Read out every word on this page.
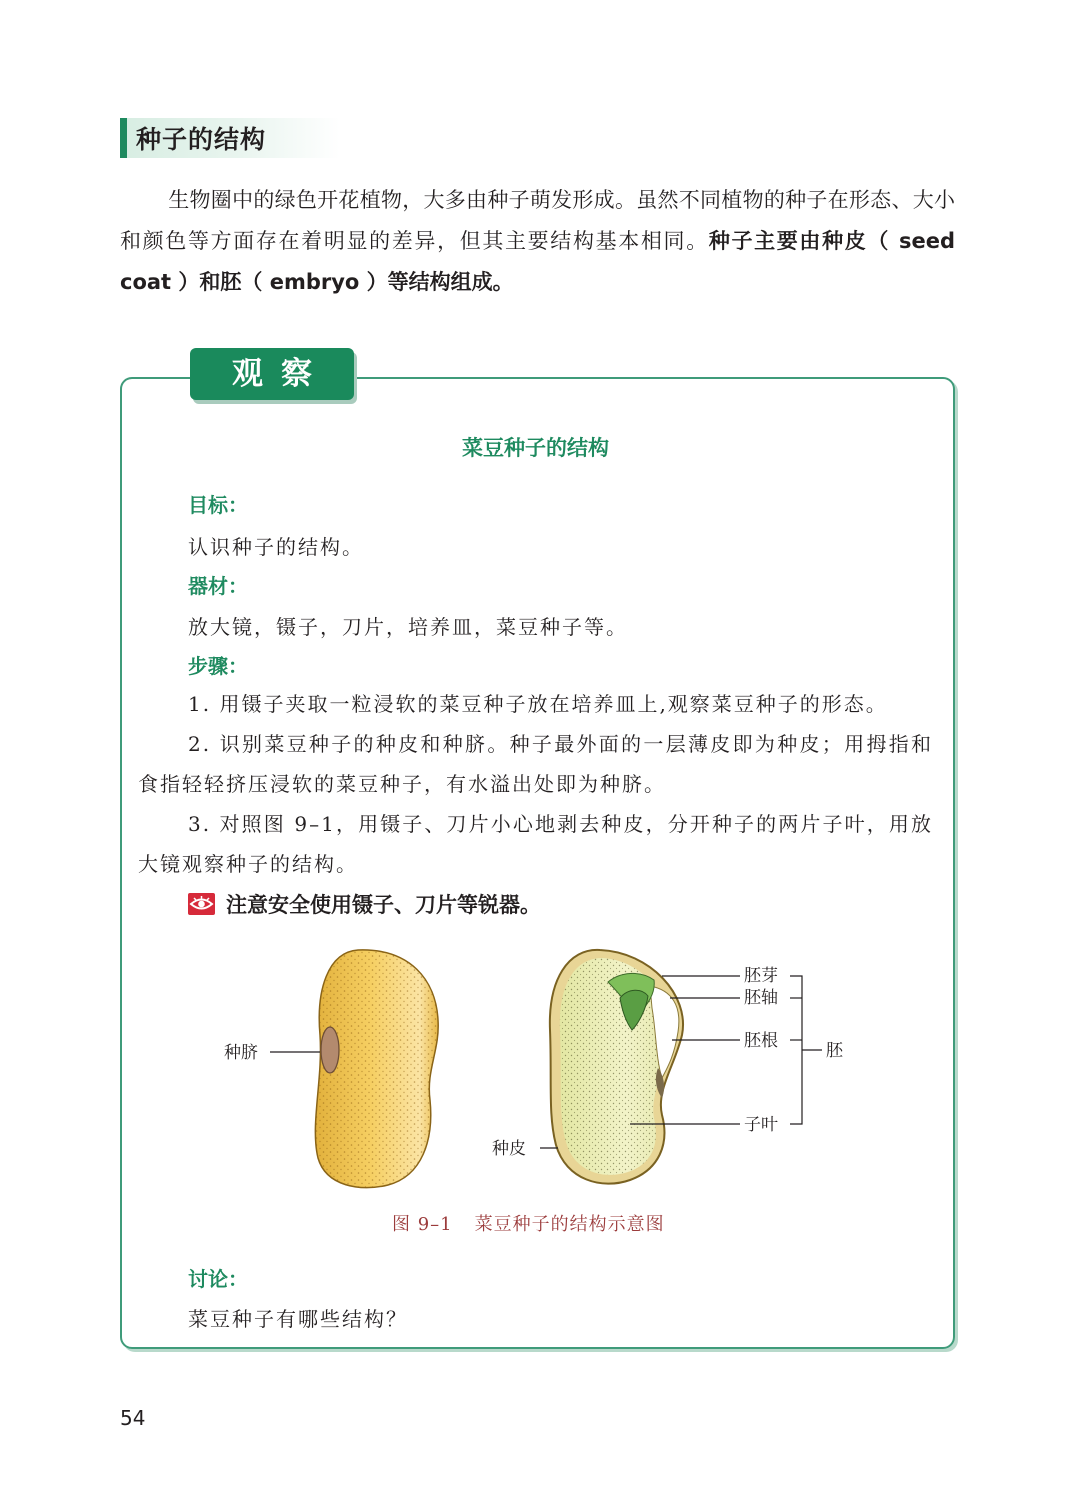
种子的结构
生物圈中的绿色开花植物，大多由种子萌发形成。虽然不同植物的种子在形态、大小和颜色等方面存在着明显的差异，但其主要结构基本相同。种子主要由种皮（ seed coat ）和胚（ embryo ）等结构组成。
观察
菜豆种子的结构
目标：
认识种子的结构。
器材：
放大镜，镊子，刀片，培养皿，菜豆种子等。
步骤：
1. 用镊子夹取一粒浸软的菜豆种子放在培养皿上,观察菜豆种子的形态。
2. 识别菜豆种子的种皮和种脐。种子最外面的一层薄皮即为种皮；用拇指和食指轻轻挤压浸软的菜豆种子，有水溢出处即为种脐。
3. 对照图 9–1，用镊子、刀片小心地剥去种皮，分开种子的两片子叶，用放大镜观察种子的结构。
注意安全使用镊子、刀片等锐器。
种脐
种皮
胚芽
胚轴
胚根
子叶
胚
图 9–1 菜豆种子的结构示意图
讨论：
菜豆种子有哪些结构？
54
